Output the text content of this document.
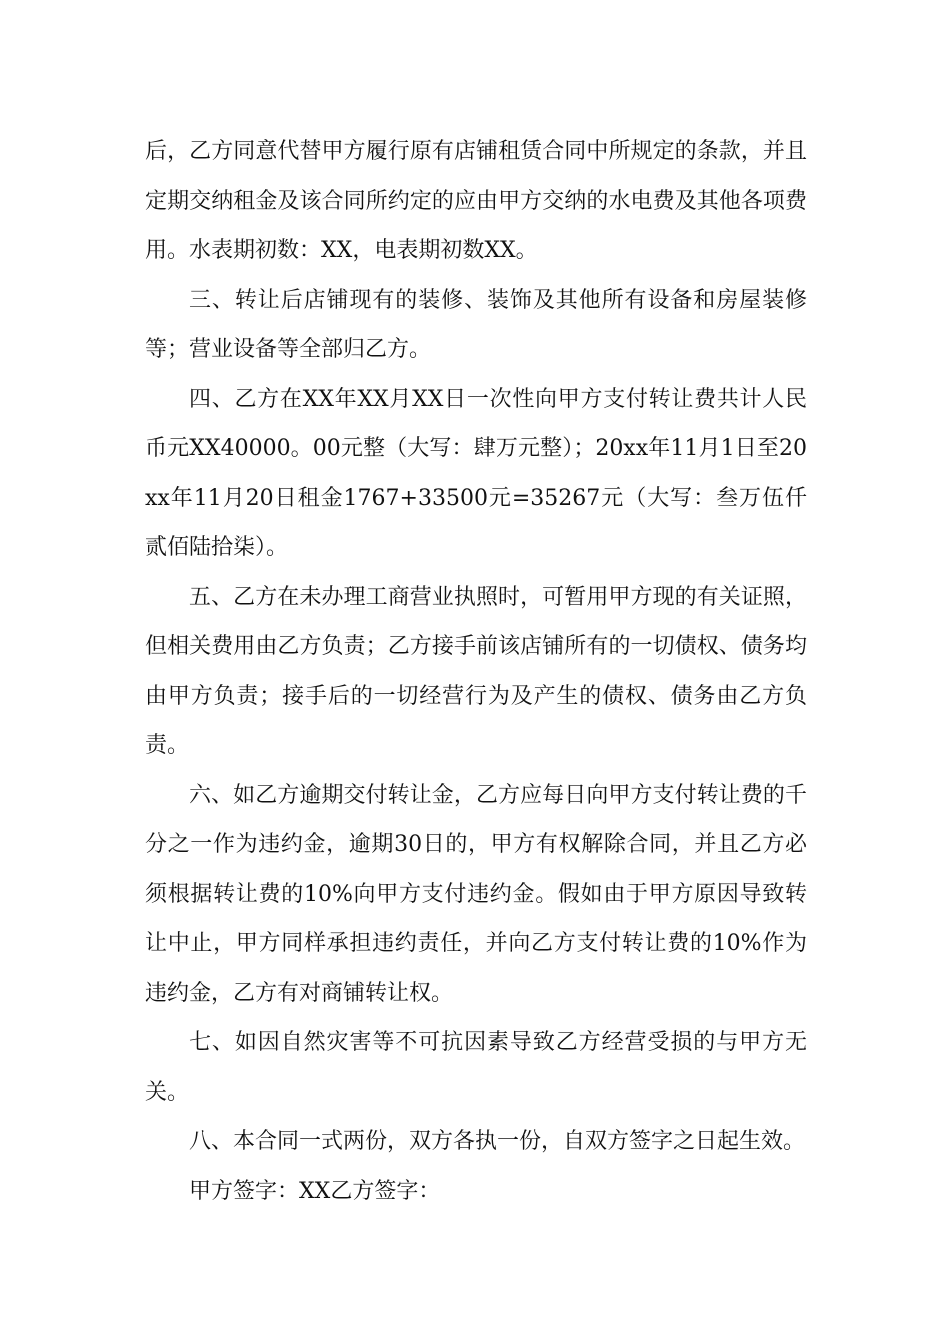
后，乙方同意代替甲方履行原有店铺租赁合同中所规定的条款，并且定期交纳租金及该合同所约定的应由甲方交纳的水电费及其他各项费用。水表期初数：XX，电表期初数XX。

三、转让后店铺现有的装修、装饰及其他所有设备和房屋装修等；营业设备等全部归乙方。

四、乙方在XX年XX月XX日一次性向甲方支付转让费共计人民币元XX40000。00元整（大写：肆万元整）；20xx年11月1日至20xx年11月20日租金1767+33500元=35267元（大写：叁万伍仟贰佰陆拾柒）。

五、乙方在未办理工商营业执照时，可暂用甲方现的有关证照，但相关费用由乙方负责；乙方接手前该店铺所有的一切债权、债务均由甲方负责；接手后的一切经营行为及产生的债权、债务由乙方负责。

六、如乙方逾期交付转让金，乙方应每日向甲方支付转让费的千分之一作为违约金，逾期30日的，甲方有权解除合同，并且乙方必须根据转让费的10%向甲方支付违约金。假如由于甲方原因导致转让中止，甲方同样承担违约责任，并向乙方支付转让费的10%作为违约金，乙方有对商铺转让权。

七、如因自然灾害等不可抗因素导致乙方经营受损的与甲方无关。

八、本合同一式两份，双方各执一份，自双方签字之日起生效。

甲方签字：XX乙方签字：
